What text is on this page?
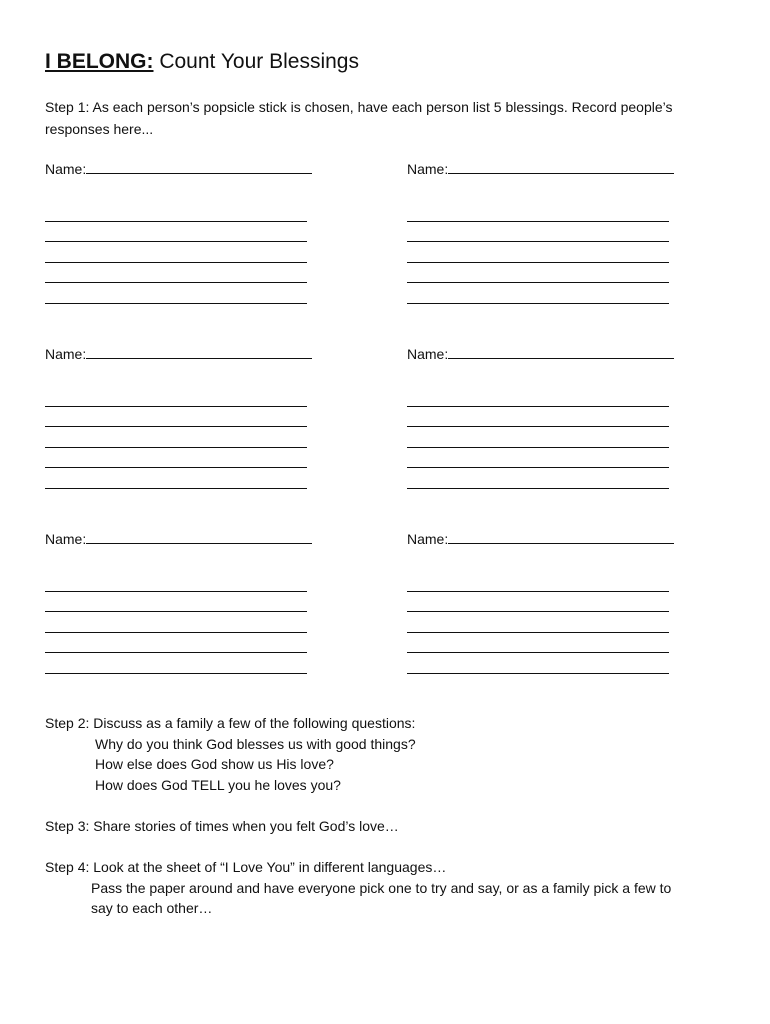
I BELONG: Count Your Blessings
Step 1: As each person’s popsicle stick is chosen, have each person list 5 blessings. Record people’s responses here...
Name:	Name:
Name:	Name:
Name:	Name:
Step 2: Discuss as a family a few of the following questions:
Why do you think God blesses us with good things?
How else does God show us His love?
How does God TELL you he loves you?
Step 3: Share stories of times when you felt God’s love…
Step 4: Look at the sheet of “I Love You” in different languages…
Pass the paper around and have everyone pick one to try and say, or as a family pick a few to
say to each other…
